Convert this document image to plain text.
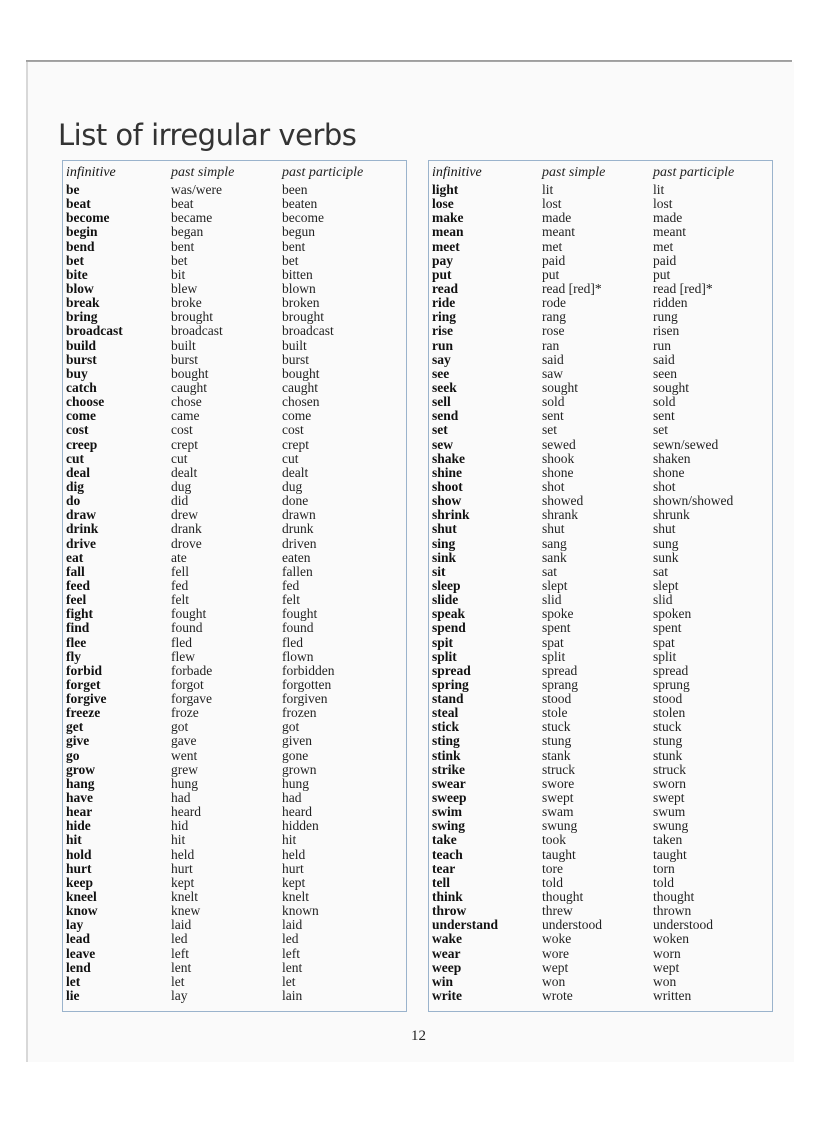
List of irregular verbs
infinitive	past simple	past participle
be	was/were	been
beat	beat	beaten
become	became	become
begin	began	begun
bend	bent	bent
bet	bet	bet
bite	bit	bitten
blow	blew	blown
break	broke	broken
bring	brought	brought
broadcast	broadcast	broadcast
build	built	built
burst	burst	burst
buy	bought	bought
catch	caught	caught
choose	chose	chosen
come	came	come
cost	cost	cost
creep	crept	crept
cut	cut	cut
deal	dealt	dealt
dig	dug	dug
do	did	done
draw	drew	drawn
drink	drank	drunk
drive	drove	driven
eat	ate	eaten
fall	fell	fallen
feed	fed	fed
feel	felt	felt
fight	fought	fought
find	found	found
flee	fled	fled
fly	flew	flown
forbid	forbade	forbidden
forget	forgot	forgotten
forgive	forgave	forgiven
freeze	froze	frozen
get	got	got
give	gave	given
go	went	gone
grow	grew	grown
hang	hung	hung
have	had	had
hear	heard	heard
hide	hid	hidden
hit	hit	hit
hold	held	held
hurt	hurt	hurt
keep	kept	kept
kneel	knelt	knelt
know	knew	known
lay	laid	laid
lead	led	led
leave	left	left
lend	lent	lent
let	let	let
lie	lay	lain
infinitive	past simple	past participle
light	lit	lit
lose	lost	lost
make	made	made
mean	meant	meant
meet	met	met
pay	paid	paid
put	put	put
read	read [red]*	read [red]*
ride	rode	ridden
ring	rang	rung
rise	rose	risen
run	ran	run
say	said	said
see	saw	seen
seek	sought	sought
sell	sold	sold
send	sent	sent
set	set	set
sew	sewed	sewn/sewed
shake	shook	shaken
shine	shone	shone
shoot	shot	shot
show	showed	shown/showed
shrink	shrank	shrunk
shut	shut	shut
sing	sang	sung
sink	sank	sunk
sit	sat	sat
sleep	slept	slept
slide	slid	slid
speak	spoke	spoken
spend	spent	spent
spit	spat	spat
split	split	split
spread	spread	spread
spring	sprang	sprung
stand	stood	stood
steal	stole	stolen
stick	stuck	stuck
sting	stung	stung
stink	stank	stunk
strike	struck	struck
swear	swore	sworn
sweep	swept	swept
swim	swam	swum
swing	swung	swung
take	took	taken
teach	taught	taught
tear	tore	torn
tell	told	told
think	thought	thought
throw	threw	thrown
understand	understood	understood
wake	woke	woken
wear	wore	worn
weep	wept	wept
win	won	won
write	wrote	written
12
